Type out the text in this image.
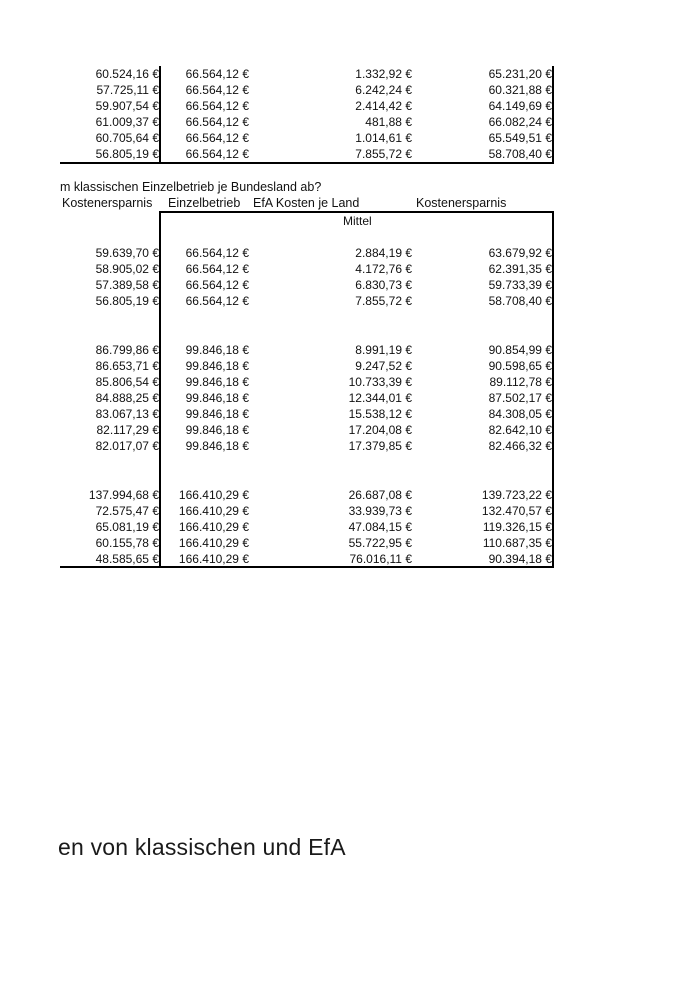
60.524,16 € 66.564,12 €	1.332,92 €	65.231,20 €
57.725,11 € 66.564,12 €	6.242,24 €	60.321,88 €
59.907,54 € 66.564,12 €	2.414,42 €	64.149,69 €
61.009,37 € 66.564,12 €	481,88 €	66.082,24 €
60.705,64 € 66.564,12 €	1.014,61 €	65.549,51 €
56.805,19 € 66.564,12 €	7.855,72 €	58.708,40 €
m klassischen Einzelbetrieb je Bundesland ab?
Kostenersparnis Einzelbetrieb EfA Kosten je Land	Kostenersparnis
Mittel
59.639,70 € 66.564,12 €	2.884,19 €	63.679,92 €
58.905,02 € 66.564,12 €	4.172,76 €	62.391,35 €
57.389,58 € 66.564,12 €	6.830,73 €	59.733,39 €
56.805,19 € 66.564,12 €	7.855,72 €	58.708,40 €
86.799,86 € 99.846,18 €	8.991,19 €	90.854,99 €
86.653,71 € 99.846,18 €	9.247,52 €	90.598,65 €
85.806,54 € 99.846,18 €	10.733,39 €	89.112,78 €
84.888,25 € 99.846,18 €	12.344,01 €	87.502,17 €
83.067,13 € 99.846,18 €	15.538,12 €	84.308,05 €
82.117,29 € 99.846,18 €	17.204,08 €	82.642,10 €
82.017,07 € 99.846,18 €	17.379,85 €	82.466,32 €
137.994,68 € 166.410,29 €	26.687,08 €	139.723,22 €
72.575,47 € 166.410,29 €	33.939,73 €	132.470,57 €
65.081,19 € 166.410,29 €	47.084,15 €	119.326,15 €
60.155,78 € 166.410,29 €	55.722,95 €	110.687,35 €
48.585,65 € 166.410,29 €	76.016,11 €	90.394,18 €
en von klassischen und EfA
